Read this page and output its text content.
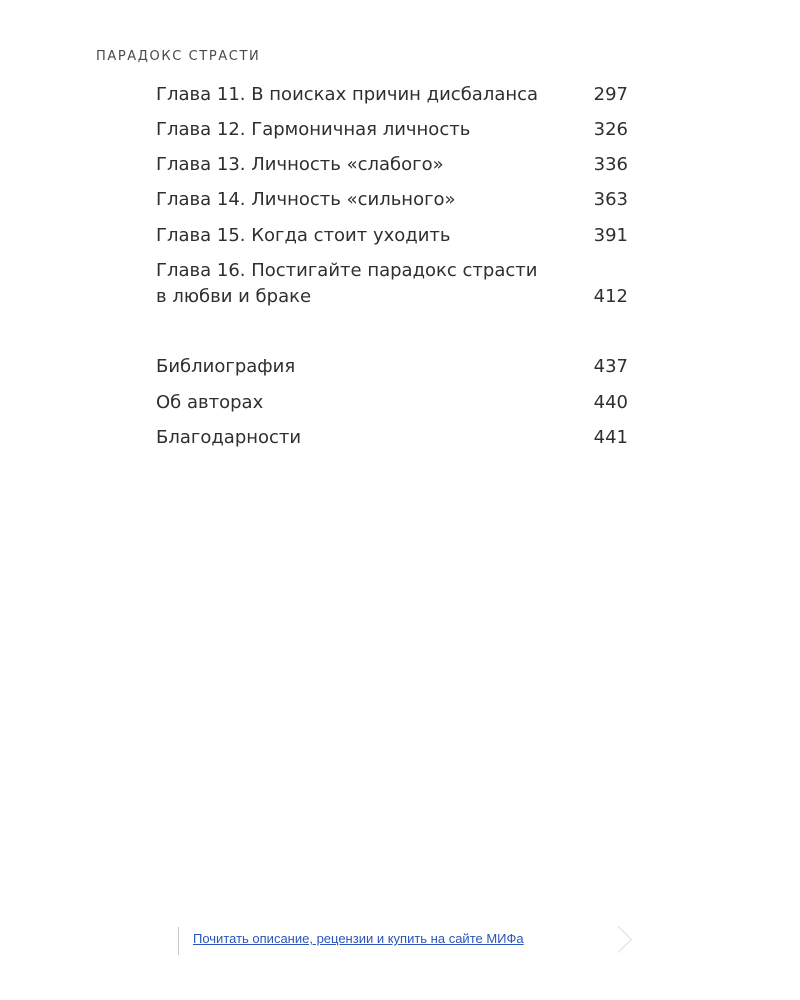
ПАРАДОКС СТРАСТИ
Глава 11. В поисках причин дисбаланса	297
Глава 12. Гармоничная личность	326
Глава 13. Личность «слабого»	336
Глава 14. Личность «сильного»	363
Глава 15. Когда стоит уходить	391
Глава 16. Постигайте парадокс страсти
в любви и браке	412
Библиография	437
Об авторах	440
Благодарности	441
Почитать описание, рецензии и купить на сайте МИФа
